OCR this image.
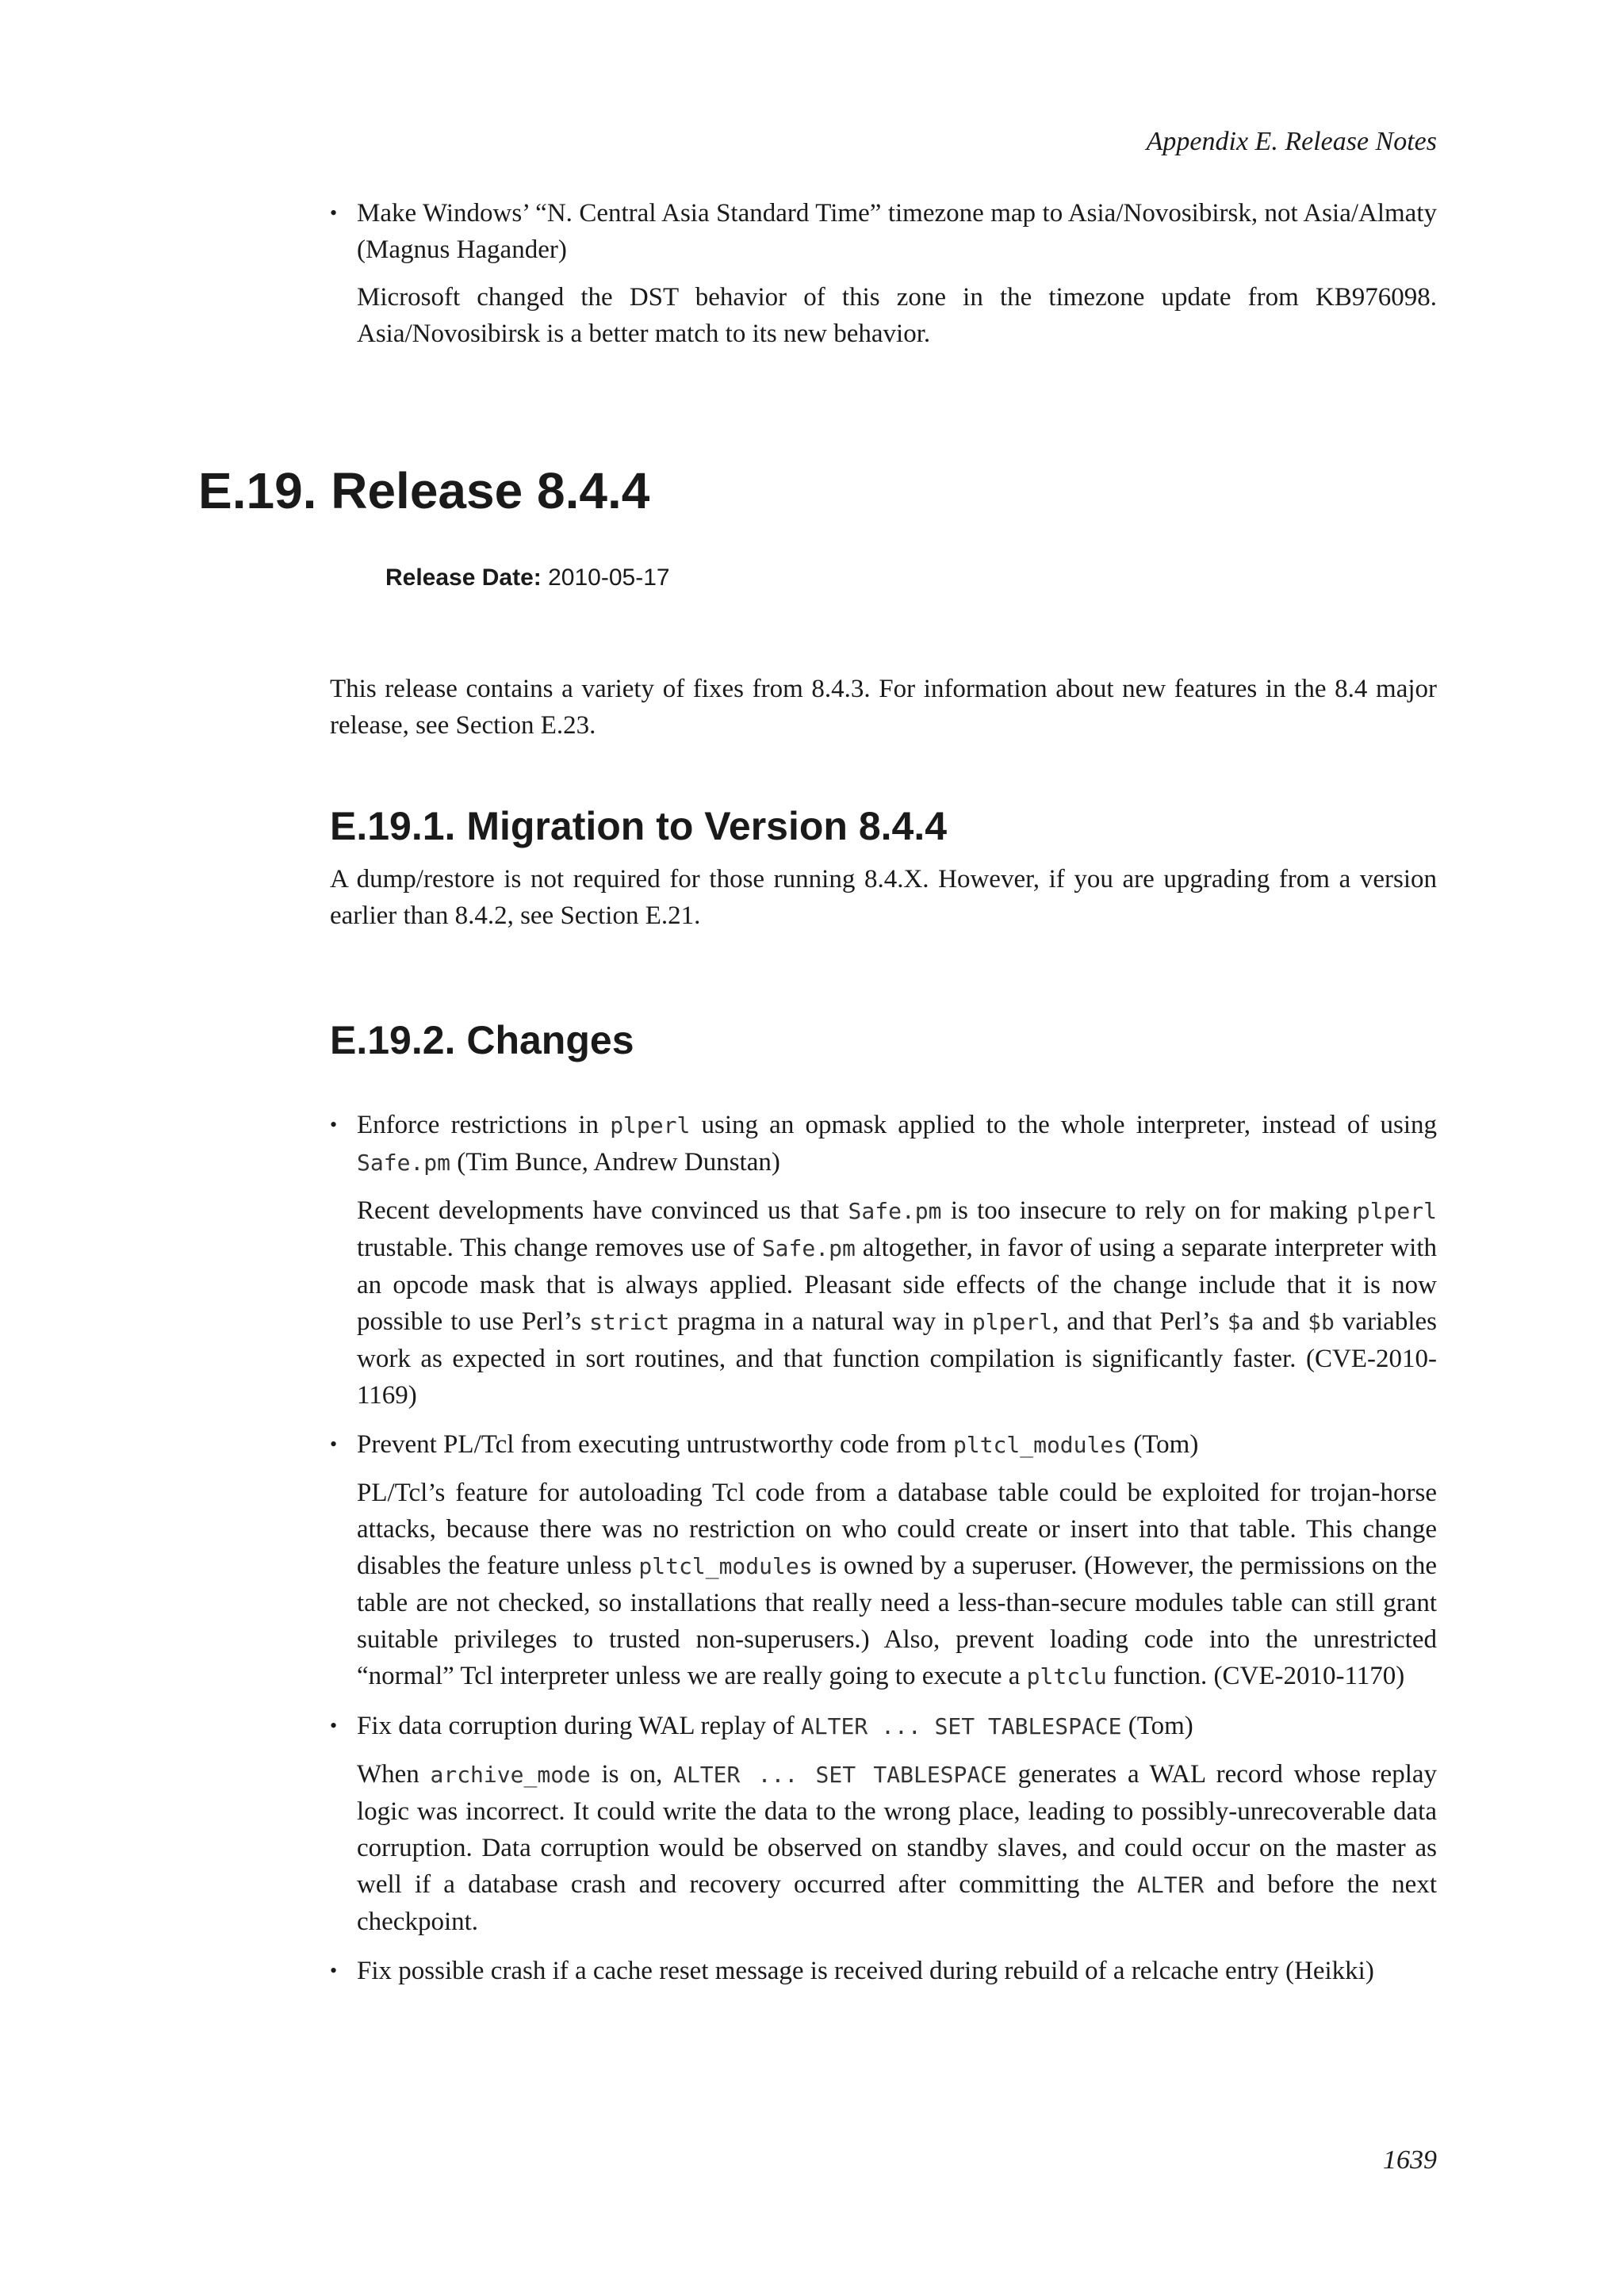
Appendix E. Release Notes

• Make Windows’ “N. Central Asia Standard Time” timezone map to Asia/Novosibirsk, not Asia/Almaty (Magnus Hagander)

Microsoft changed the DST behavior of this zone in the timezone update from KB976098. Asia/Novosibirsk is a better match to its new behavior.

E.19. Release 8.4.4
Release Date: 2010-05-17

This release contains a variety of fixes from 8.4.3. For information about new features in the 8.4 major release, see Section E.23.

E.19.1. Migration to Version 8.4.4

A dump/restore is not required for those running 8.4.X. However, if you are upgrading from a version earlier than 8.4.2, see Section E.21.

E.19.2. Changes

• Enforce restrictions in plperl using an opmask applied to the whole interpreter, instead of using Safe.pm (Tim Bunce, Andrew Dunstan)

Recent developments have convinced us that Safe.pm is too insecure to rely on for making plperl trustable. This change removes use of Safe.pm altogether, in favor of using a separate interpreter with an opcode mask that is always applied. Pleasant side effects of the change include that it is now possible to use Perl’s strict pragma in a natural way in plperl, and that Perl’s $a and $b variables work as expected in sort routines, and that function compilation is significantly faster. (CVE-2010-1169)

• Prevent PL/Tcl from executing untrustworthy code from pltcl_modules (Tom)

PL/Tcl’s feature for autoloading Tcl code from a database table could be exploited for trojan-horse attacks, because there was no restriction on who could create or insert into that table. This change disables the feature unless pltcl_modules is owned by a superuser. (However, the permissions on the table are not checked, so installations that really need a less-than-secure modules table can still grant suitable privileges to trusted non-superusers.) Also, prevent loading code into the unrestricted “normal” Tcl interpreter unless we are really going to execute a pltclu function. (CVE-2010-1170)

• Fix data corruption during WAL replay of ALTER ... SET TABLESPACE (Tom)

When archive_mode is on, ALTER ... SET TABLESPACE generates a WAL record whose replay logic was incorrect. It could write the data to the wrong place, leading to possibly-unrecoverable data corruption. Data corruption would be observed on standby slaves, and could occur on the master as well if a database crash and recovery occurred after committing the ALTER and before the next checkpoint.

• Fix possible crash if a cache reset message is received during rebuild of a relcache entry (Heikki)

1639
